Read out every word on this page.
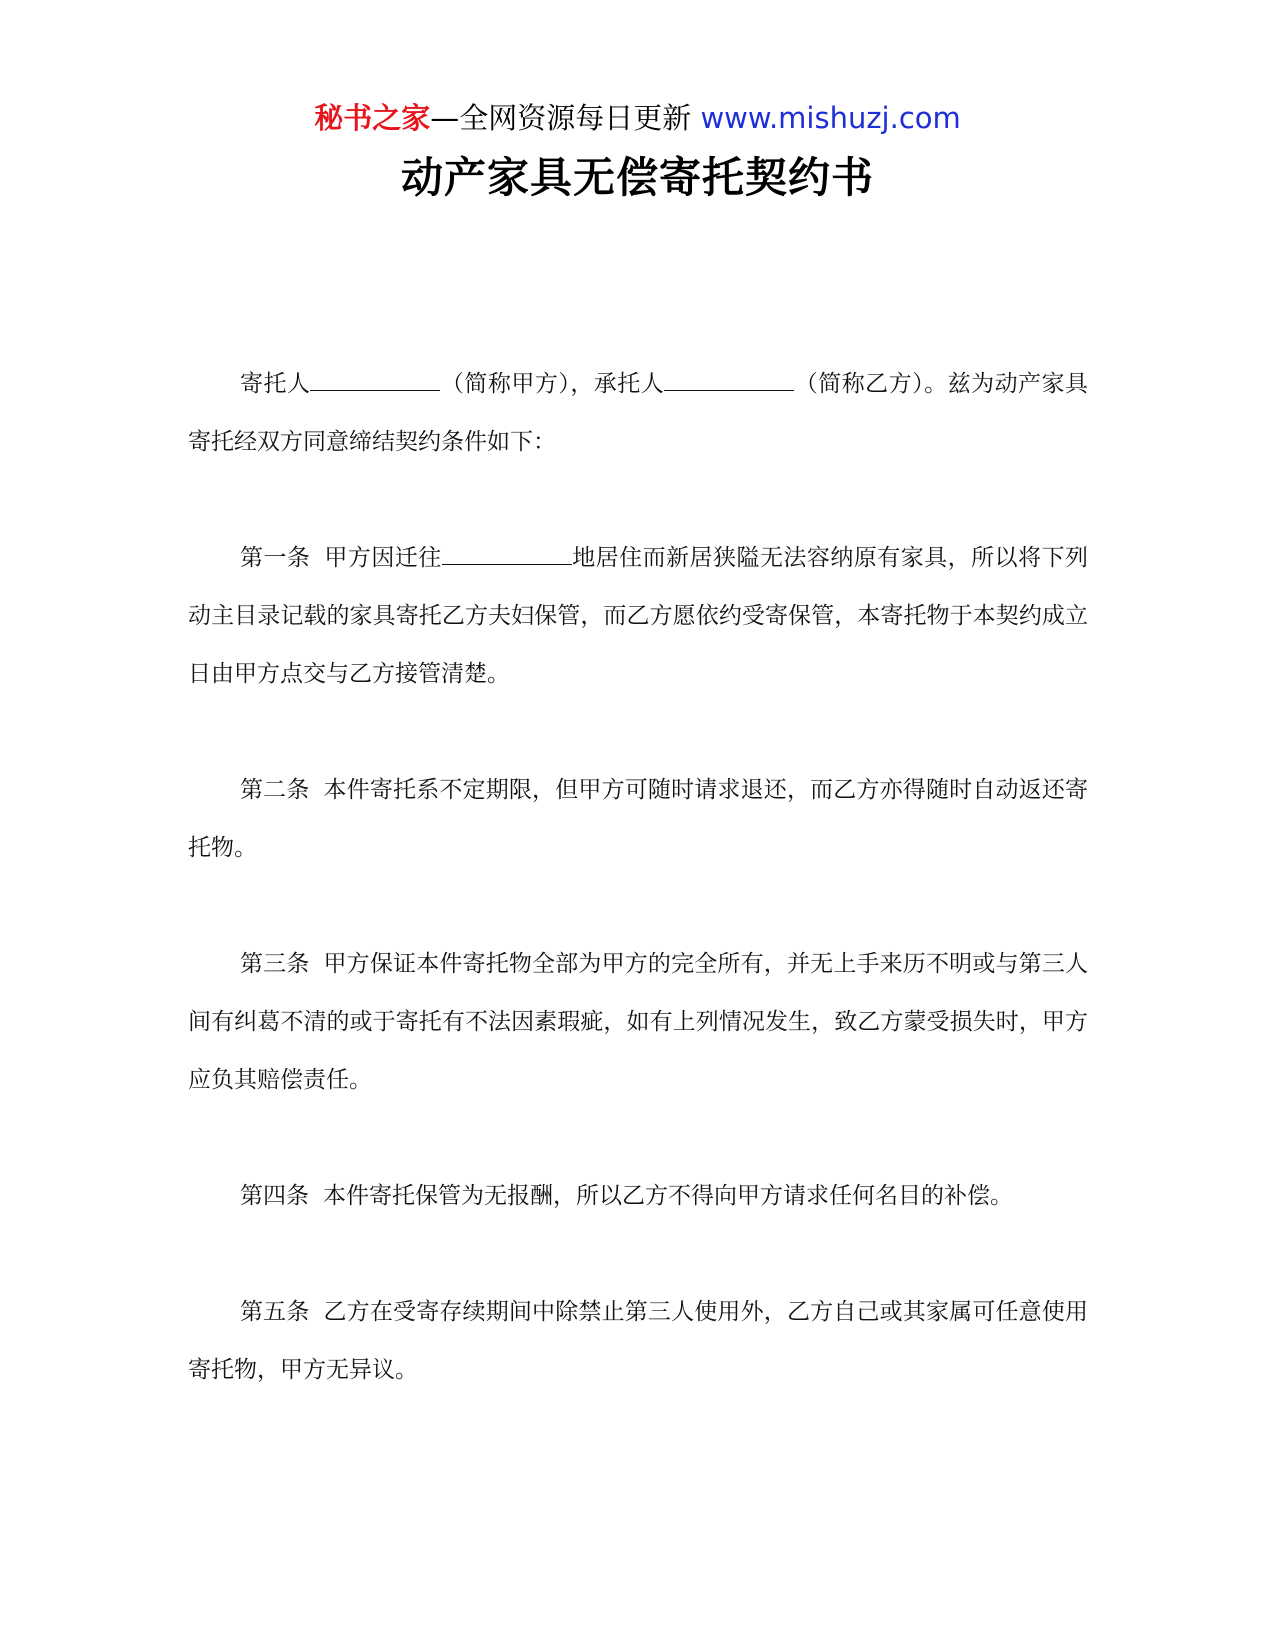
秘书之家—全网资源每日更新 www.mishuzj.com
动产家具无偿寄托契约书

寄托人	（简称甲方），承托人	（简称乙方）。兹为动产家具寄托经双方同意缔结契约条件如下：

第一条 甲方因迁往	地居住而新居狭隘无法容纳原有家具，所以将下列动主目录记载的家具寄托乙方夫妇保管，而乙方愿依约受寄保管，本寄托物于本契约成立日由甲方点交与乙方接管清楚。

第二条 本件寄托系不定期限，但甲方可随时请求退还，而乙方亦得随时自动返还寄托物。

第三条 甲方保证本件寄托物全部为甲方的完全所有，并无上手来历不明或与第三人间有纠葛不清的或于寄托有不法因素瑕疵，如有上列情况发生，致乙方蒙受损失时，甲方应负其赔偿责任。

第四条 本件寄托保管为无报酬，所以乙方不得向甲方请求任何名目的补偿。

第五条 乙方在受寄存续期间中除禁止第三人使用外，乙方自己或其家属可任意使用寄托物，甲方无异议。
